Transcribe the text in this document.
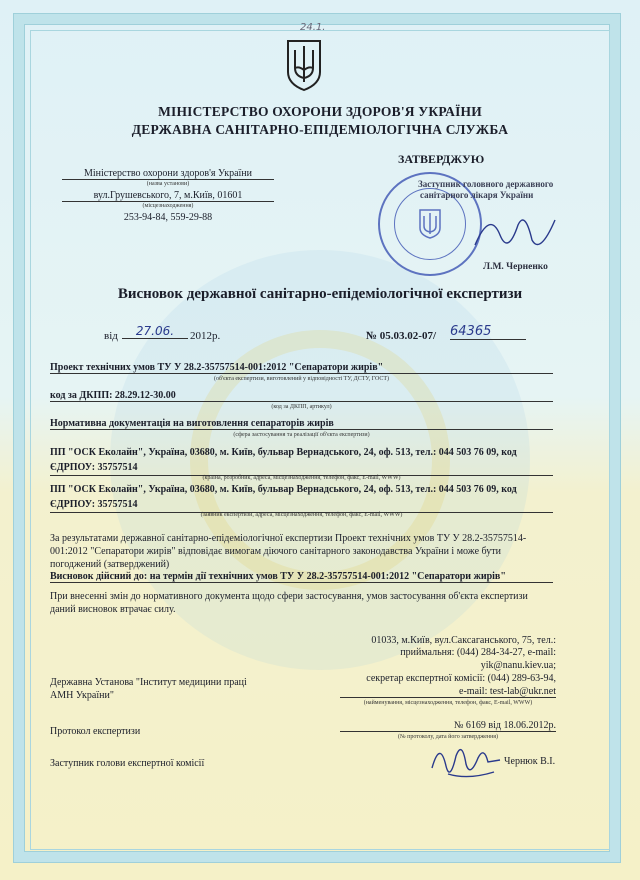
24.1.
МІНІСТЕРСТВО ОХОРОНИ ЗДОРОВ'Я УКРАЇНИ
ДЕРЖАВНА САНІТАРНО-ЕПІДЕМІОЛОГІЧНА СЛУЖБА
Міністерство охорони здоров'я України
(назва установи)
вул.Грушевського, 7, м.Київ, 01601
(місцезнаходження)
253-94-84, 559-29-88
ЗАТВЕРДЖУЮ
Заступник головного державного
санітарного лікаря України
Л.М. Черненко
Висновок державної санітарно-епідеміологічної експертизи
від	27.06.	2012р.	№ 05.03.02-07/ 64365
Проект технічних умов ТУ У 28.2-35757514-001:2012 "Сепаратори жирів"
(об'єкта експертизи, виготовлений у відповідності ТУ, ДСТУ, ГОСТ)
код за ДКПП: 28.29.12-30.00
(код за ДКПП, артикул)
Нормативна документація на виготовлення сепараторів жирів
(сфера застосування та реалізації об'єкта експертизи)
ПП "ОСК Еколайн", Україна, 03680, м. Київ, бульвар Вернадського, 24, оф. 513, тел.: 044 503 76 09, код ЄДРПОУ: 35757514
(країна, розробник, адреса, місцезнаходження, телефон, факс, E-mail, WWW)
ПП "ОСК Еколайн", Україна, 03680, м. Київ, бульвар Вернадського, 24, оф. 513, тел.: 044 503 76 09, код ЄДРПОУ: 35757514
(заявник експертизи, адреса, місцезнаходження, телефон, факс, E-mail, WWW)
За результатами державної санітарно-епідеміологічної експертизи Проект технічних умов ТУ У 28.2-35757514-001:2012 "Сепаратори жирів" відповідає вимогам діючого санітарного законодавства України і може бути погоджений (затверджений)
Висновок дійсний до: на термін дії технічних умов ТУ У 28.2-35757514-001:2012 "Сепаратори жирів"
При внесенні змін до нормативного документа щодо сфери застосування, умов застосування об'єкта експертизи даний висновок втрачає силу.
01033, м.Київ, вул.Саксаганського, 75, тел.:
приймальня: (044) 284-34-27, e-mail:
yik@nanu.kiev.ua;
секретар експертної комісії: (044) 289-63-94,
e-mail: test-lab@ukr.net
(найменування, місцезнаходження, телефон, факс, E-mail, WWW)
Державна Установа "Інститут медицини праці АМН України"
Протокол експертизи
№ 6169 від 18.06.2012р.
(№ протоколу, дата його затвердження)
Заступник голови експертної комісії	Чернюк В.І.
